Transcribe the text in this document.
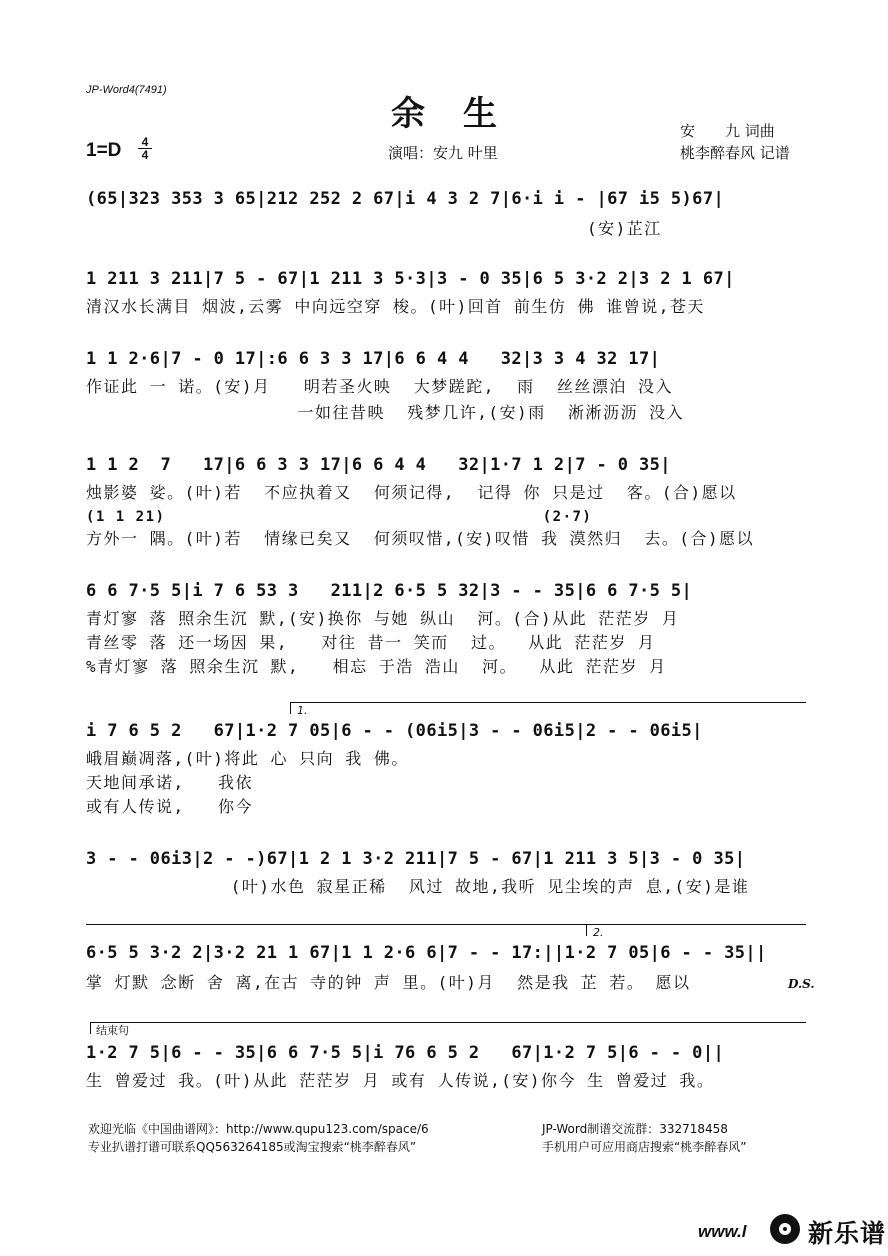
JP-Word4(7491)
余生
$1=D \frac{4}{4}$	演唱：安九 叶里
安　　九 词曲
桃李醉春风 记谱
(65|323 353 3 65|212 252 2 67|i 4 3 2 7|6·i i - |67 i5 5)67|
(安)芷江
1 211 3 211|7 5 - 67|1 211 3 5·3|3 - 0 35|6 5 3·2 2|3 2 1 67|
清汉水长满目 烟波,云雾 中向远空穿 梭。(叶)回首 前生仿 佛 谁曾说,苍天
1 1 2·6|7 - 0 17|:6 6 3 3 17|6 6 4 4   32|3 3 4 32 17|
作证此 一 诺。(安)月   明若圣火映  大梦蹉跎,  雨  丝丝漂泊 没入
一如往昔映  残梦几许,(安)雨  淅淅沥沥 没入
1 1 2  7   17|6 6 3 3 17|6 6 4 4   32|1·7 1 2|7 - 0 35|
烛影婆 娑。(叶)若  不应执着又  何须记得,  记得 你 只是过  客。(合)愿以
(1 1 21)                                      (2·7)
方外一 隅。(叶)若  情缘已矣又  何须叹惜,(安)叹惜 我 漠然归  去。(合)愿以
6 6 7·5 5|i 7 6 53 3   211|2 6·5 5 32|3 - - 35|6 6 7·5 5|
青灯寥 落 照余生沉 默,(安)换你 与她 纵山  河。(合)从此 茫茫岁 月
青丝零 落 还一场因 果,   对往 昔一 笑而  过。  从此 茫茫岁 月
%青灯寥 落 照余生沉 默,   相忘 于浩 浩山  河。  从此 茫茫岁 月
1.
i 7 6 5 2   67|1·2 7 05|6 - - (06i5|3 - - 06i5|2 - - 06i5|
峨眉巅凋落,(叶)将此 心 只向 我 佛。
天地间承诺,   我依
或有人传说,   你今
3 - - 06i3|2 - -)67|1 2 1 3·2 211|7 5 - 67|1 211 3 5|3 - 0 35|
(叶)水色 寂星正稀  风过 故地,我听 见尘埃的声 息,(安)是谁
2.
6·5 5 3·2 2|3·2 21 1 67|1 1 2·6 6|7 - - 17:||1·2 7 05|6 - - 35||
掌 灯默 念断 舍 离,在古 寺的钟 声 里。(叶)月  然是我 芷 若。 愿以	D.S.
结束句
1·2 7 5|6 - - 35|6 6 7·5 5|i 76 6 5 2   67|1·2 7 5|6 - - 0||
生 曾爱过 我。(叶)从此 茫茫岁 月 或有 人传说,(安)你今 生 曾爱过 我。
欢迎光临《中国曲谱网》：http://www.qupu123.com/space/6	JP-Word制谱交流群：332718458
专业扒谱打谱可联系QQ563264185或淘宝搜索“桃李醉春风”	手机用户可应用商店搜索“桃李醉春风”
www.l 新乐谱
